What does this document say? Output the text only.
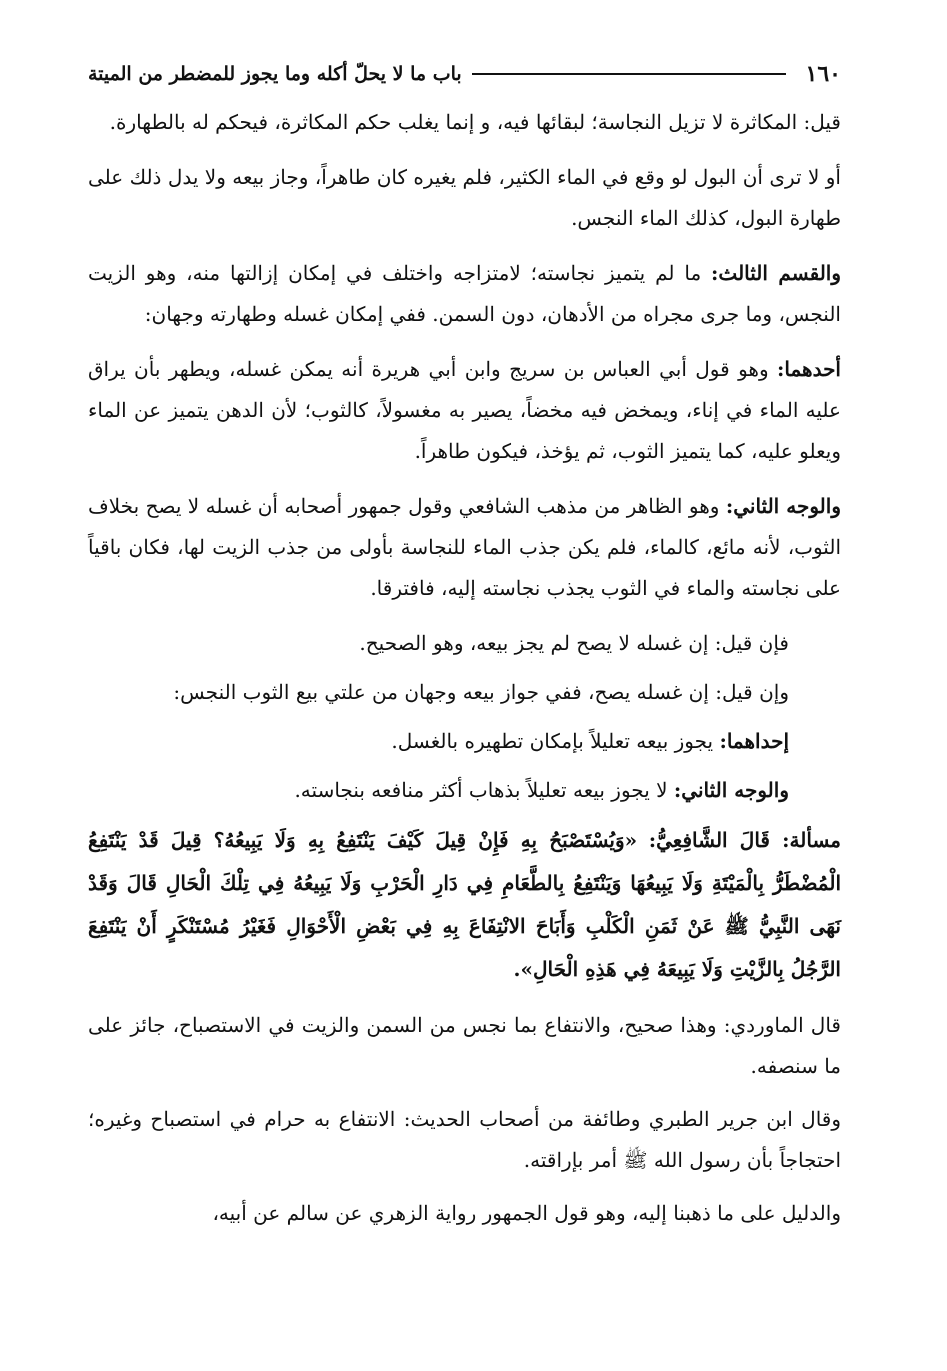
١٦٠
باب ما لا يحلّ أكله وما يجوز للمضطر من الميتة

قيل: المكاثرة لا تزيل النجاسة؛ لبقائها فيه، و إنما يغلب حكم المكاثرة، فيحكم له بالطهارة.

أو لا ترى أن البول لو وقع في الماء الكثير، فلم يغيره كان طاهراً، وجاز بيعه ولا يدل ذلك على طهارة البول، كذلك الماء النجس.

والقسم الثالث: ما لم يتميز نجاسته؛ لامتزاجه واختلف في إمكان إزالتها منه، وهو الزيت النجس، وما جرى مجراه من الأدهان، دون السمن. ففي إمكان غسله وطهارته وجهان:

أحدهما: وهو قول أبي العباس بن سريج وابن أبي هريرة أنه يمكن غسله، ويطهر بأن يراق عليه الماء في إناء، ويمخض فيه مخضاً، يصير به مغسولاً، كالثوب؛ لأن الدهن يتميز عن الماء ويعلو عليه، كما يتميز الثوب، ثم يؤخذ، فيكون طاهراً.

والوجه الثاني: وهو الظاهر من مذهب الشافعي وقول جمهور أصحابه أن غسله لا يصح بخلاف الثوب، لأنه مائع، كالماء، فلم يكن جذب الماء للنجاسة بأولى من جذب الزيت لها، فكان باقياً على نجاسته والماء في الثوب يجذب نجاسته إليه، فافترقا.

فإن قيل: إن غسله لا يصح لم يجز بيعه، وهو الصحيح.

وإن قيل: إن غسله يصح، ففي جواز بيعه وجهان من علتي بيع الثوب النجس:

إحداهما: يجوز بيعه تعليلاً بإمكان تطهيره بالغسل.

والوجه الثاني: لا يجوز بيعه تعليلاً بذهاب أكثر منافعه بنجاسته.

مسألة: قَالَ الشَّافِعِيُّ: «وَيُسْتَصْبَحُ بِهِ فَإِنْ قِيلَ كَيْفَ يَنْتَفِعُ بِهِ وَلَا يَبِيعُهُ؟ قِيلَ قَدْ يَنْتَفِعُ الْمُضْطَرُّ بِالْمَيْتَةِ وَلَا يَبِيعُهَا وَيَنْتَفِعُ بِالطَّعَامِ فِي دَارِ الْحَرْبِ وَلَا يَبِيعُهُ فِي تِلْكَ الْحَالِ قَالَ وَقَدْ نَهَى النَّبِيُّ ﷺ عَنْ ثَمَنِ الْكَلْبِ وَأَبَاحَ الانْتِفَاعَ بِهِ فِي بَعْضِ الْأَحْوَالِ فَغَيْرُ مُسْتَنْكَرٍ أَنْ يَنْتَفِعَ الرَّجُلُ بِالزَّيْتِ وَلَا يَبِيعَهُ فِي هَذِهِ الْحَالِ».

قال الماوردي: وهذا صحيح، والانتفاع بما نجس من السمن والزيت في الاستصباح، جائز على ما سنصفه.

وقال ابن جرير الطبري وطائفة من أصحاب الحديث: الانتفاع به حرام في استصباح وغيره؛ احتجاجاً بأن رسول الله ﷺ أمر بإراقته.

والدليل على ما ذهبنا إليه، وهو قول الجمهور رواية الزهري عن سالم عن أبيه،
